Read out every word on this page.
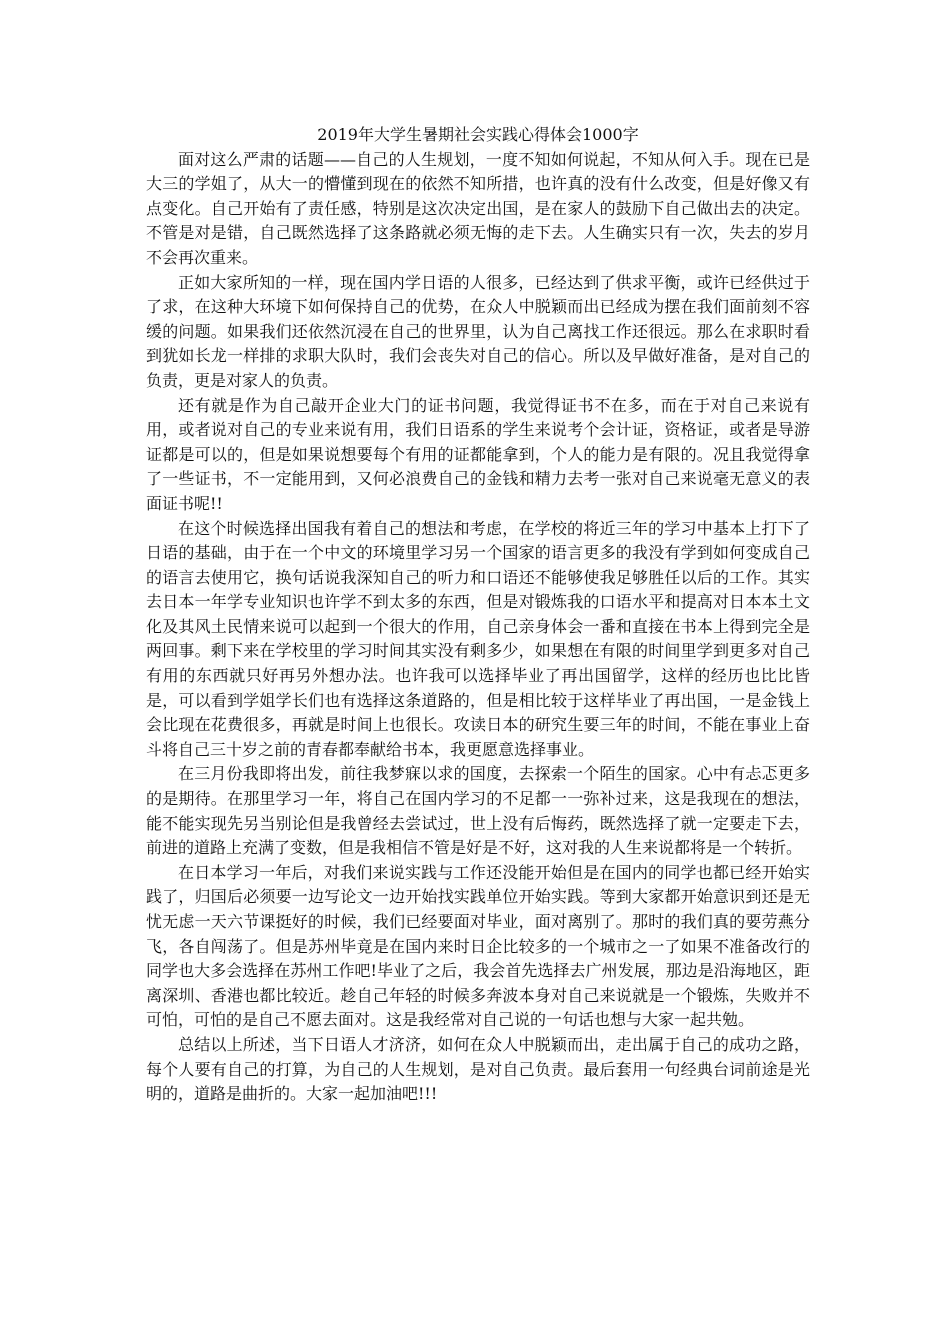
2019年大学生暑期社会实践心得体会1000字

面对这么严肃的话题——自己的人生规划，一度不知如何说起，不知从何入手。现在已是大三的学姐了，从大一的懵懂到现在的依然不知所措，也许真的没有什么改变，但是好像又有点变化。自己开始有了责任感，特别是这次决定出国，是在家人的鼓励下自己做出去的决定。不管是对是错，自己既然选择了这条路就必须无悔的走下去。人生确实只有一次，失去的岁月不会再次重来。

正如大家所知的一样，现在国内学日语的人很多，已经达到了供求平衡，或许已经供过于了求，在这种大环境下如何保持自己的优势，在众人中脱颖而出已经成为摆在我们面前刻不容缓的问题。如果我们还依然沉浸在自己的世界里，认为自己离找工作还很远。那么在求职时看到犹如长龙一样排的求职大队时，我们会丧失对自己的信心。所以及早做好准备，是对自己的负责，更是对家人的负责。

还有就是作为自己敲开企业大门的证书问题，我觉得证书不在多，而在于对自己来说有用，或者说对自己的专业来说有用，我们日语系的学生来说考个会计证，资格证，或者是导游证都是可以的，但是如果说想要每个有用的证都能拿到，个人的能力是有限的。况且我觉得拿了一些证书，不一定能用到，又何必浪费自己的金钱和精力去考一张对自己来说毫无意义的表面证书呢!!

在这个时候选择出国我有着自己的想法和考虑，在学校的将近三年的学习中基本上打下了日语的基础，由于在一个中文的环境里学习另一个国家的语言更多的我没有学到如何变成自己的语言去使用它，换句话说我深知自己的听力和口语还不能够使我足够胜任以后的工作。其实去日本一年学专业知识也许学不到太多的东西，但是对锻炼我的口语水平和提高对日本本土文化及其风土民情来说可以起到一个很大的作用，自己亲身体会一番和直接在书本上得到完全是两回事。剩下来在学校里的学习时间其实没有剩多少，如果想在有限的时间里学到更多对自己有用的东西就只好再另外想办法。也许我可以选择毕业了再出国留学，这样的经历也比比皆是，可以看到学姐学长们也有选择这条道路的，但是相比较于这样毕业了再出国，一是金钱上会比现在花费很多，再就是时间上也很长。攻读日本的研究生要三年的时间，不能在事业上奋斗将自己三十岁之前的青春都奉献给书本，我更愿意选择事业。

在三月份我即将出发，前往我梦寐以求的国度，去探索一个陌生的国家。心中有忐忑更多的是期待。在那里学习一年，将自己在国内学习的不足都一一弥补过来，这是我现在的想法，能不能实现先另当别论但是我曾经去尝试过，世上没有后悔药，既然选择了就一定要走下去，前进的道路上充满了变数，但是我相信不管是好是不好，这对我的人生来说都将是一个转折。

在日本学习一年后，对我们来说实践与工作还没能开始但是在国内的同学也都已经开始实践了，归国后必须要一边写论文一边开始找实践单位开始实践。等到大家都开始意识到还是无忧无虑一天六节课挺好的时候，我们已经要面对毕业，面对离别了。那时的我们真的要劳燕分飞，各自闯荡了。但是苏州毕竟是在国内来时日企比较多的一个城市之一了如果不准备改行的同学也大多会选择在苏州工作吧!毕业了之后，我会首先选择去广州发展，那边是沿海地区，距离深圳、香港也都比较近。趁自己年轻的时候多奔波本身对自己来说就是一个锻炼，失败并不可怕，可怕的是自己不愿去面对。这是我经常对自己说的一句话也想与大家一起共勉。

总结以上所述，当下日语人才济济，如何在众人中脱颖而出，走出属于自己的成功之路，每个人要有自己的打算，为自己的人生规划，是对自己负责。最后套用一句经典台词前途是光明的，道路是曲折的。大家一起加油吧!!!
